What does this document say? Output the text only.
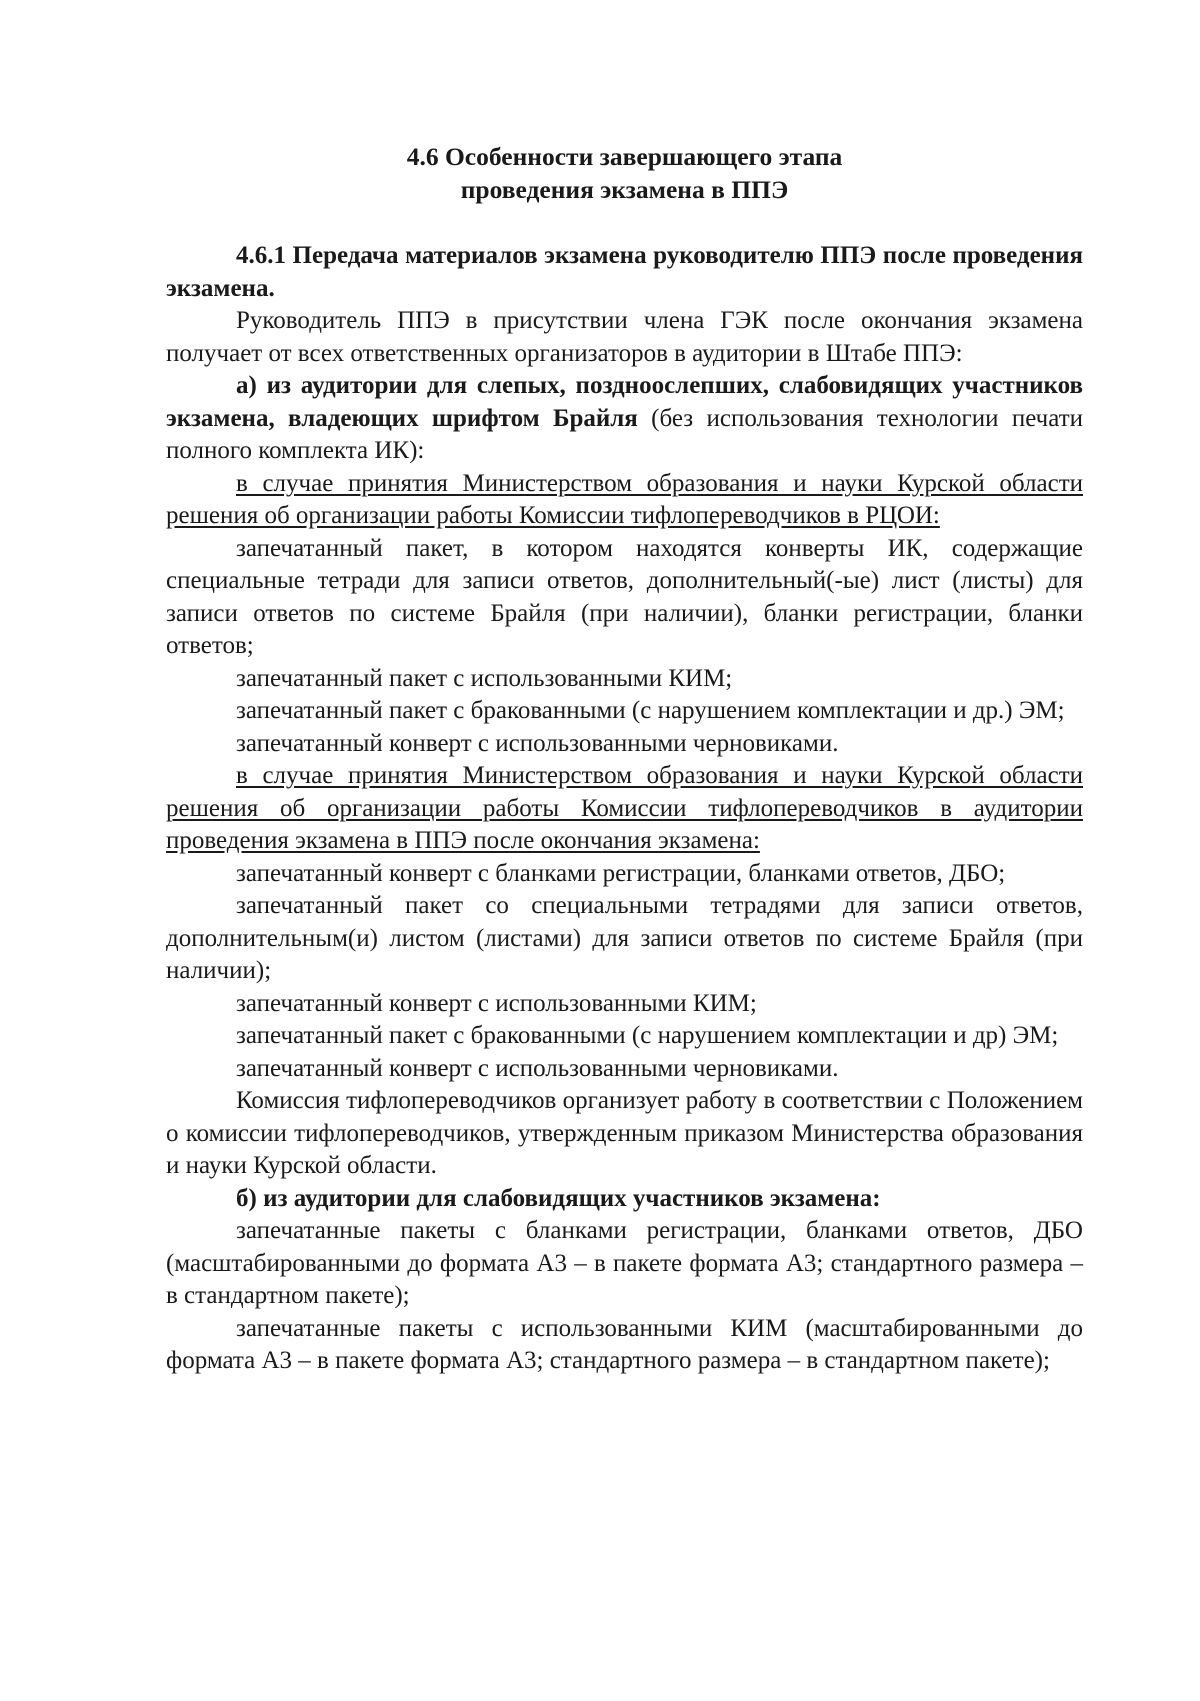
4.6 Особенности завершающего этапа
проведения экзамена в ППЭ

4.6.1 Передача материалов экзамена руководителю ППЭ после проведения экзамена.

Руководитель ППЭ в присутствии члена ГЭК после окончания экзамена получает от всех ответственных организаторов в аудитории в Штабе ППЭ:

а) из аудитории для слепых, поздноослепших, слабовидящих участников экзамена, владеющих шрифтом Брайля (без использования технологии печати полного комплекта ИК):

в случае принятия Министерством образования и науки Курской области решения об организации работы Комиссии тифлопереводчиков в РЦОИ:

запечатанный пакет, в котором находятся конверты ИК, содержащие специальные тетради для записи ответов, дополнительный(-ые) лист (листы) для записи ответов по системе Брайля (при наличии), бланки регистрации, бланки ответов;

запечатанный пакет с использованными КИМ;

запечатанный пакет с бракованными (с нарушением комплектации и др.) ЭМ;

запечатанный конверт с использованными черновиками.

в случае принятия Министерством образования и науки Курской области решения об организации работы Комиссии тифлопереводчиков в аудитории проведения экзамена в ППЭ после окончания экзамена:

запечатанный конверт с бланками регистрации, бланками ответов, ДБО;

запечатанный пакет со специальными тетрадями для записи ответов, дополнительным(и) листом (листами) для записи ответов по системе Брайля (при наличии);

запечатанный конверт с использованными КИМ;

запечатанный пакет с бракованными (с нарушением комплектации и др) ЭМ;

запечатанный конверт с использованными черновиками.

Комиссия тифлопереводчиков организует работу в соответствии с Положением о комиссии тифлопереводчиков, утвержденным приказом Министерства образования и науки Курской области.

б) из аудитории для слабовидящих участников экзамена:

запечатанные пакеты с бланками регистрации, бланками ответов, ДБО (масштабированными до формата А3 – в пакете формата А3; стандартного размера – в стандартном пакете);

запечатанные пакеты с использованными КИМ (масштабированными до формата А3 – в пакете формата А3; стандартного размера – в стандартном пакете);
